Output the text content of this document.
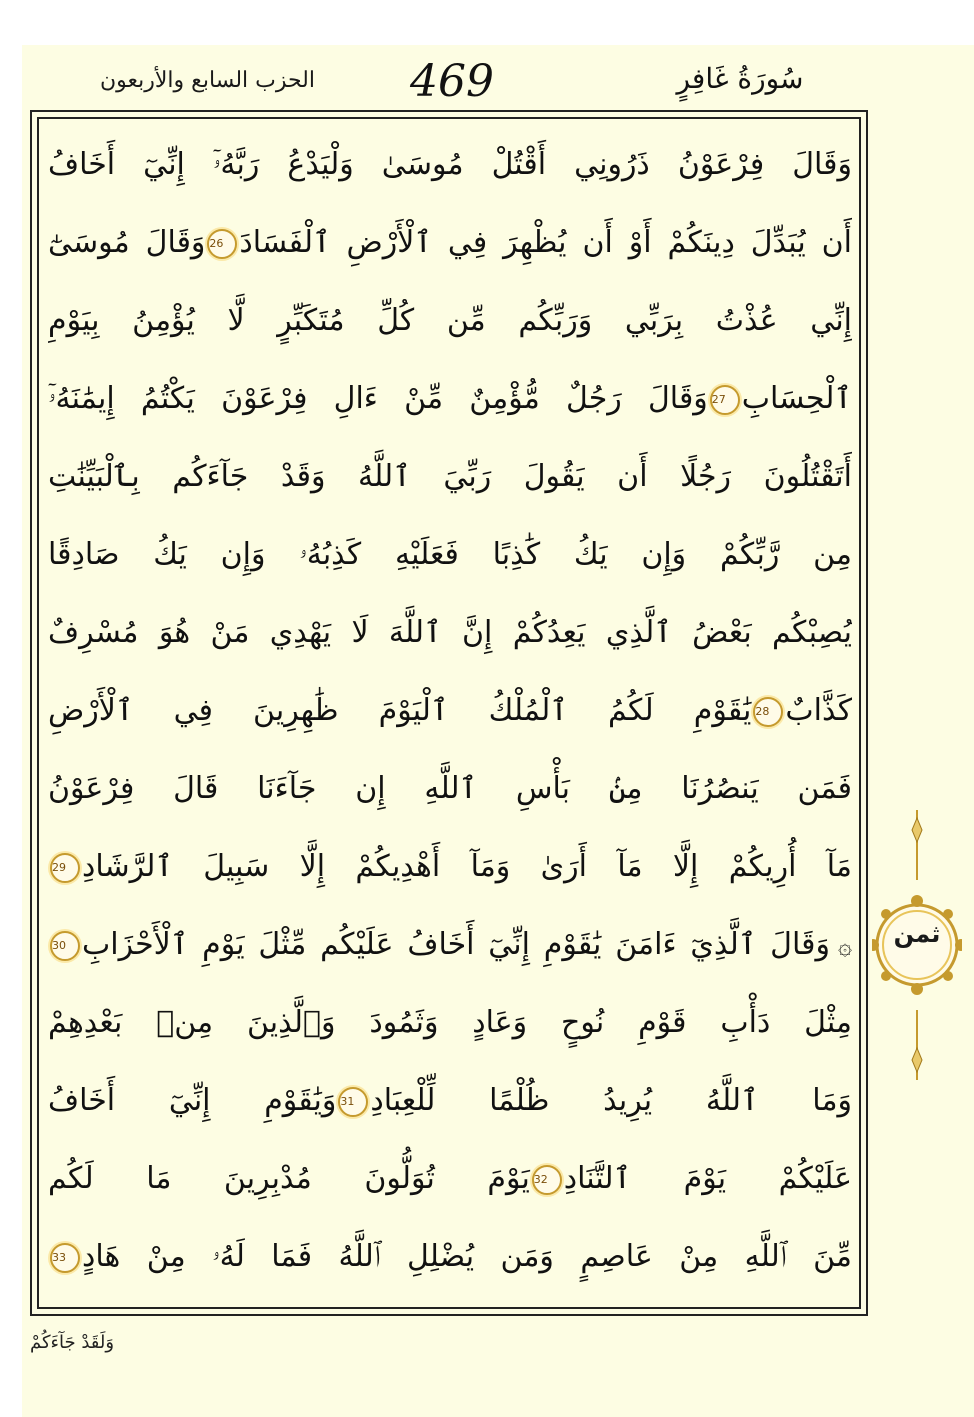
الحزب السابع والأربعون 469	سُورَةُ غَافِرٍ
وَقَالَ فِرْعَوْنُ ذَرُونِي أَقْتُلْ مُوسَىٰ وَلْيَدْعُ رَبَّهُۥٓ إِنِّيٓ أَخَافُ
أَن يُبَدِّلَ دِينَكُمْ أَوْ أَن يُظْهِرَ فِي ٱلْأَرْضِ ٱلْفَسَادَ26وَقَالَ مُوسَىٰٓ
إِنِّي عُذْتُ بِرَبِّي وَرَبِّكُم مِّن كُلِّ مُتَكَبِّرٍ لَّا يُؤْمِنُ بِيَوْمِ
ٱلْحِسَابِ27وَقَالَ رَجُلٌ مُّؤْمِنٌ مِّنْ ءَالِ فِرْعَوْنَ يَكْتُمُ إِيمَٰنَهُۥٓ
أَتَقْتُلُونَ رَجُلًا أَن يَقُولَ رَبِّيَ ٱللَّهُ وَقَدْ جَآءَكُم بِٱلْبَيِّنَٰتِ
مِن رَّبِّكُمْ وَإِن يَكُ كَٰذِبًا فَعَلَيْهِ كَذِبُهُۥ وَإِن يَكُ صَادِقًا
يُصِبْكُم بَعْضُ ٱلَّذِي يَعِدُكُمْ إِنَّ ٱللَّهَ لَا يَهْدِي مَنْ هُوَ مُسْرِفٌ
كَذَّابٌ28يَٰقَوْمِ لَكُمُ ٱلْمُلْكُ ٱلْيَوْمَ ظَٰهِرِينَ فِي ٱلْأَرْضِ
فَمَن يَنصُرُنَا مِنۢ بَأْسِ ٱللَّهِ إِن جَآءَنَا قَالَ فِرْعَوْنُ
مَآ أُرِيكُمْ إِلَّا مَآ أَرَىٰ وَمَآ أَهْدِيكُمْ إِلَّا سَبِيلَ ٱلرَّشَادِ29
۞وَقَالَ ٱلَّذِيٓ ءَامَنَ يَٰقَوْمِ إِنِّيٓ أَخَافُ عَلَيْكُم مِّثْلَ يَوْمِ ٱلْأَحْزَابِ30
مِثْلَ دَأْبِ قَوْمِ نُوحٍ وَعَادٍ وَثَمُودَ وَٱلَّذِينَ مِنۢ بَعْدِهِمْ
وَمَا ٱللَّهُ يُرِيدُ ظُلْمًا لِّلْعِبَادِ31وَيَٰقَوْمِ إِنِّيٓ أَخَافُ
عَلَيْكُمْ يَوْمَ ٱلتَّنَادِ32يَوْمَ تُوَلُّونَ مُدْبِرِينَ مَا لَكُم
مِّنَ ٱللَّهِ مِنْ عَاصِمٍ وَمَن يُضْلِلِ ٱللَّهُ فَمَا لَهُۥ مِنْ هَادٍ33
ثمن
وَلَقَدْ جَآءَكُمْ
